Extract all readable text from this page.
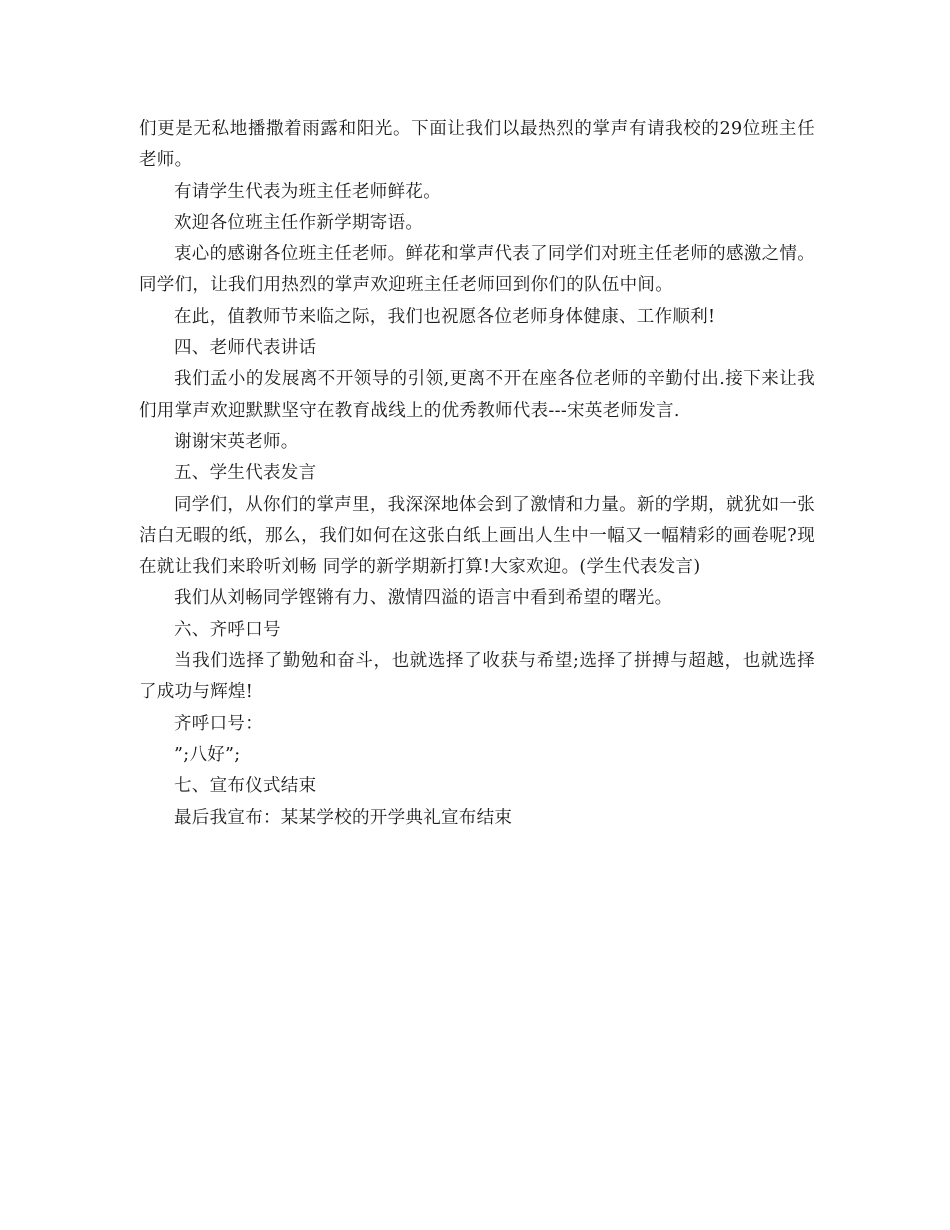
们更是无私地播撒着雨露和阳光。下面让我们以最热烈的掌声有请我校的29位班主任老师。

有请学生代表为班主任老师鲜花。

欢迎各位班主任作新学期寄语。

衷心的感谢各位班主任老师。鲜花和掌声代表了同学们对班主任老师的感激之情。同学们，让我们用热烈的掌声欢迎班主任老师回到你们的队伍中间。

在此，值教师节来临之际，我们也祝愿各位老师身体健康、工作顺利!

四、老师代表讲话

我们孟小的发展离不开领导的引领,更离不开在座各位老师的辛勤付出.接下来让我们用掌声欢迎默默坚守在教育战线上的优秀教师代表---宋英老师发言.

谢谢宋英老师。

五、学生代表发言

同学们，从你们的掌声里，我深深地体会到了激情和力量。新的学期，就犹如一张洁白无暇的纸，那么，我们如何在这张白纸上画出人生中一幅又一幅精彩的画卷呢?现在就让我们来聆听刘畅 同学的新学期新打算!大家欢迎。(学生代表发言)

我们从刘畅同学铿锵有力、激情四溢的语言中看到希望的曙光。

六、齐呼口号

当我们选择了勤勉和奋斗，也就选择了收获与希望;选择了拼搏与超越，也就选择了成功与辉煌!

齐呼口号：

”;八好”;

七、宣布仪式结束

最后我宣布：某某学校的开学典礼宣布结束
